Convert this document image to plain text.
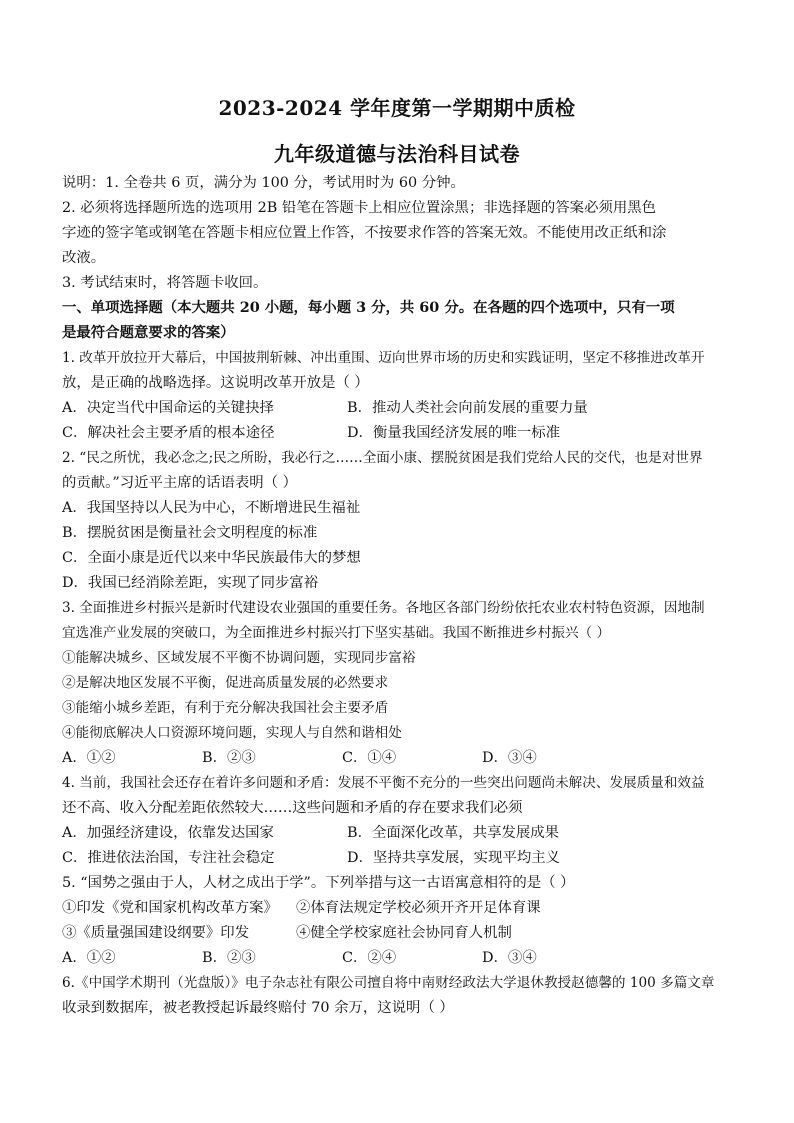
2023-2024 学年度第一学期期中质检
九年级道德与法治科目试卷
说明：1. 全卷共 6 页，满分为 100 分，考试用时为 60 分钟。
2. 必须将选择题所选的选项用 2B 铅笔在答题卡上相应位置涂黑；非选择题的答案必须用黑色
字迹的签字笔或钢笔在答题卡相应位置上作答，不按要求作答的答案无效。不能使用改正纸和涂
改液。
3. 考试结束时，将答题卡收回。
一、单项选择题（本大题共 20 小题，每小题 3 分，共 60 分。在各题的四个选项中，只有一项
是最符合题意要求的答案）
1. 改革开放拉开大幕后，中国披荆斩棘、冲出重围、迈向世界市场的历史和实践证明，坚定不移推进改革开
放，是正确的战略选择。这说明改革开放是（ ）
A．决定当代中国命运的关键抉择	B．推动人类社会向前发展的重要力量
C．解决社会主要矛盾的根本途径	D．衡量我国经济发展的唯一标准
2. “民之所忧，我必念之;民之所盼，我必行之……全面小康、摆脱贫困是我们党给人民的交代，也是对世界
的贡献。”习近平主席的话语表明（ ）
A．我国坚持以人民为中心，不断增进民生福祉
B．摆脱贫困是衡量社会文明程度的标准
C．全面小康是近代以来中华民族最伟大的梦想
D．我国已经消除差距，实现了同步富裕
3. 全面推进乡村振兴是新时代建设农业强国的重要任务。各地区各部门纷纷依托农业农村特色资源，因地制
宜选准产业发展的突破口，为全面推进乡村振兴打下坚实基础。我国不断推进乡村振兴（ ）
①能解决城乡、区域发展不平衡不协调问题，实现同步富裕
②是解决地区发展不平衡，促进高质量发展的必然要求
③能缩小城乡差距，有利于充分解决我国社会主要矛盾
④能彻底解决人口资源环境问题，实现人与自然和谐相处
A．①②	B．②③	C．①④	D．③④
4. 当前，我国社会还存在着许多问题和矛盾：发展不平衡不充分的一些突出问题尚未解决、发展质量和效益
还不高、收入分配差距依然较大……这些问题和矛盾的存在要求我们必须
A．加强经济建设，依靠发达国家	B．全面深化改革，共享发展成果
C．推进依法治国，专注社会稳定	D．坚持共享发展，实现平均主义
5. “国势之强由于人，人材之成出于学”。下列举措与这一古语寓意相符的是（ ）
①印发《党和国家机构改革方案》 ②体育法规定学校必须开齐开足体育课
③《质量强国建设纲要》印发	④健全学校家庭社会协同育人机制
A．①②	B．②③	C．②④	D．③④
6.《中国学术期刊（光盘版）》电子杂志社有限公司擅自将中南财经政法大学退休教授赵德馨的 100 多篇文章
收录到数据库，被老教授起诉最终赔付 70 余万，这说明（ ）
